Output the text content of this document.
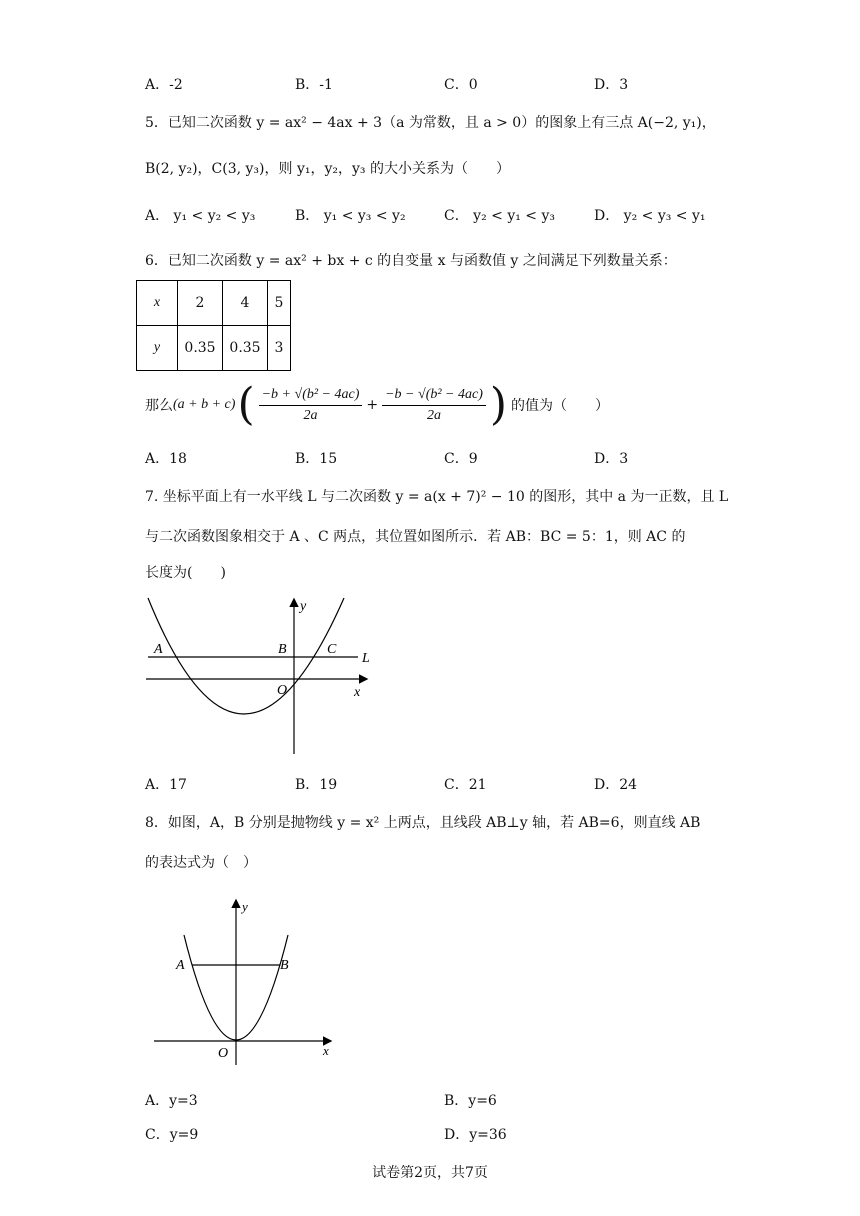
A．-2	B．-1	C．0	D．3
5．已知二次函数 y = ax² − 4ax + 3（a 为常数，且 a > 0）的图象上有三点 A(−2, y₁)，
B(2, y₂)，C(3, y₃)，则 y₁，y₂，y₃ 的大小关系为（　　）
A． y₁ < y₂ < y₃	B． y₁ < y₃ < y₂	C． y₂ < y₁ < y₃	D． y₂ < y₃ < y₁
6．已知二次函数 y = ax² + bx + c 的自变量 x 与函数值 y 之间满足下列数量关系：
x	2	4	5
y	0.35	0.35	3
那么 (a + b + c) ( $\frac{\text{−b + √(b² − 4ac)}}{2a} + \frac{\text{−b − √(b² − 4ac)}}{2a}$ ) 的值为（　　）
A．18	B．15	C．9	D．3
7. 坐标平面上有一水平线 L 与二次函数 y = a(x + 7)² − 10 的图形，其中 a 为一正数，且 L
与二次函数图象相交于 A 、C 两点，其位置如图所示．若 AB：BC = 5：1，则 AC 的
长度为(　　)
A	B	C
L
O	x
y
A．17	B．19	C．21	D．24
8．如图，A，B 分别是抛物线 y = x² 上两点，且线段 AB⊥y 轴，若 AB=6，则直线 AB
的表达式为（　）
A	B
O	x
y
A．y=3	B．y=6
C．y=9	D．y=36
试卷第2页，共7页
